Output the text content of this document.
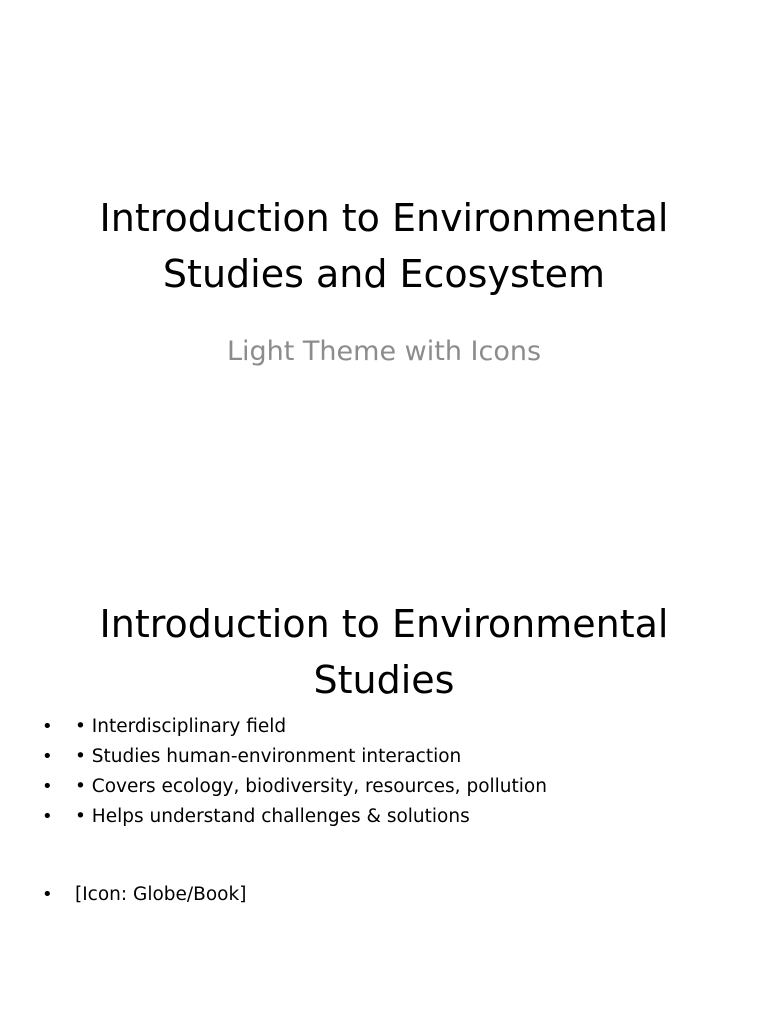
Introduction to Environmental
Studies and Ecosystem

Light Theme with Icons

Introduction to Environmental
Studies
• • Interdisciplinary field
• • Studies human-environment interaction
• • Covers ecology, biodiversity, resources, pollution
• • Helps understand challenges & solutions
• [Icon: Globe/Book]
